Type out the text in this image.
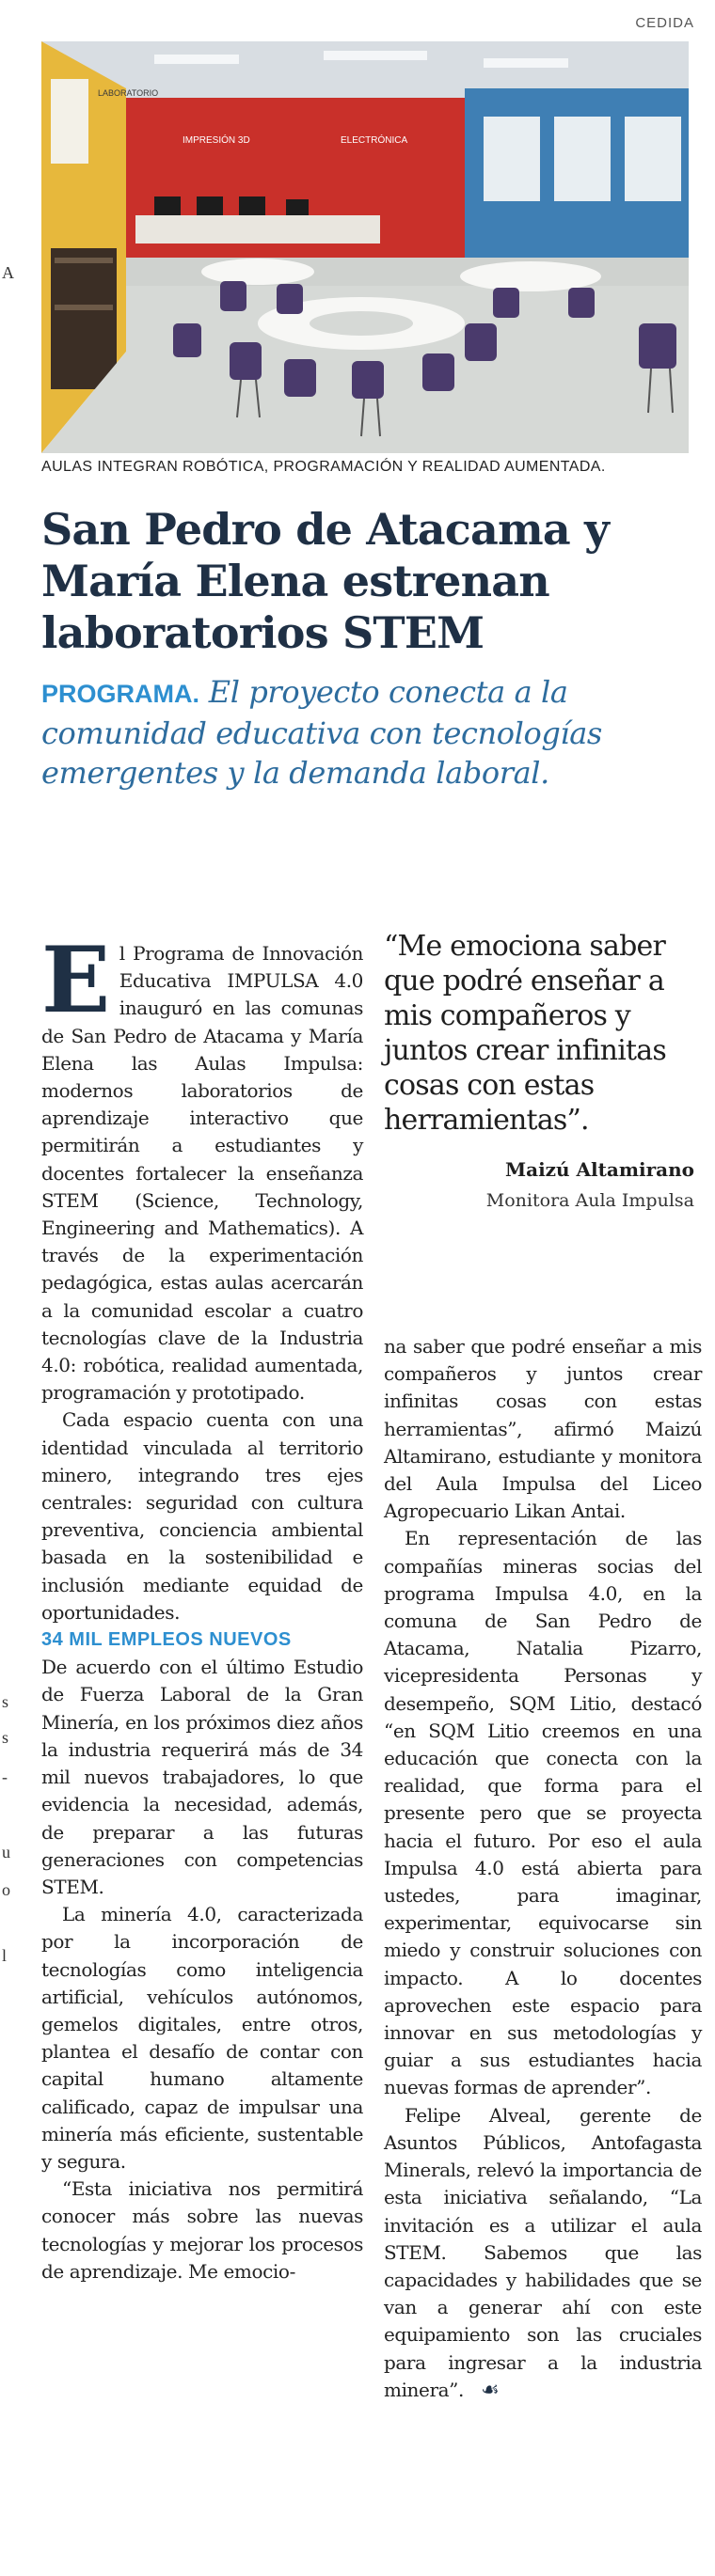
A
s
s
-
u
o
l
CEDIDA
IMPRESIÓN 3D	ELECTRÓNICA
LABORATORIO
AULAS INTEGRAN ROBÓTICA, PROGRAMACIÓN Y REALIDAD AUMENTADA.
San Pedro de Atacama y María Elena estrenan laboratorios STEM

PROGRAMA. El proyecto conecta a la comunidad educativa con tecnologías emergentes y la demanda laboral.

El Programa de Innovación Educativa IMPULSA 4.0 inauguró en las comunas de San Pedro de Atacama y María Elena las Aulas Impulsa: modernos laboratorios de aprendizaje interactivo que permitirán a estudiantes y docentes fortalecer la enseñanza STEM (Science, Technology, Engineering and Mathematics). A través de la experimentación pedagógica, estas aulas acercarán a la comunidad escolar a cuatro tecnologías clave de la Industria 4.0: robótica, realidad aumentada, programación y prototipado.

Cada espacio cuenta con una identidad vinculada al territorio minero, integrando tres ejes centrales: seguridad con cultura preventiva, conciencia ambiental basada en la sostenibilidad e inclusión mediante equidad de oportunidades.

34 MIL EMPLEOS NUEVOS

De acuerdo con el último Estudio de Fuerza Laboral de la Gran Minería, en los próximos diez años la industria requerirá más de 34 mil nuevos trabajadores, lo que evidencia la necesidad, además, de preparar a las futuras generaciones con competencias STEM.

La minería 4.0, caracterizada por la incorporación de tecnologías como inteligencia artificial, vehículos autónomos, gemelos digitales, entre otros, plantea el desafío de contar con capital humano altamente calificado, capaz de impulsar una minería más eficiente, sustentable y segura.

“Esta iniciativa nos permitirá conocer más sobre las nuevas tecnologías y mejorar los procesos de aprendizaje. Me emocio-

“Me emociona saber que podré enseñar a mis compañeros y juntos crear infinitas cosas con estas herramientas”.

Maizú Altamirano
Monitora Aula Impulsa

na saber que podré enseñar a mis compañeros y juntos crear infinitas cosas con estas herramientas”, afirmó Maizú Altamirano, estudiante y monitora del Aula Impulsa del Liceo Agropecuario Likan Antai.

En representación de las compañías mineras socias del programa Impulsa 4.0, en la comuna de San Pedro de Atacama, Natalia Pizarro, vicepresidenta Personas y desempeño, SQM Litio, destacó “en SQM Litio creemos en una educación que conecta con la realidad, que forma para el presente pero que se proyecta hacia el futuro. Por eso el aula Impulsa 4.0 está abierta para ustedes, para imaginar, experimentar, equivocarse sin miedo y construir soluciones con impacto. A lo docentes aprovechen este espacio para innovar en sus metodologías y guiar a sus estudiantes hacia nuevas formas de aprender”.

Felipe Alveal, gerente de Asuntos Públicos, Antofagasta Minerals, relevó la importancia de esta iniciativa señalando, “La invitación es a utilizar el aula STEM. Sabemos que las capacidades y habilidades que se van a generar ahí con este equipamiento son las cruciales para ingresar a la industria minera”. ☙
